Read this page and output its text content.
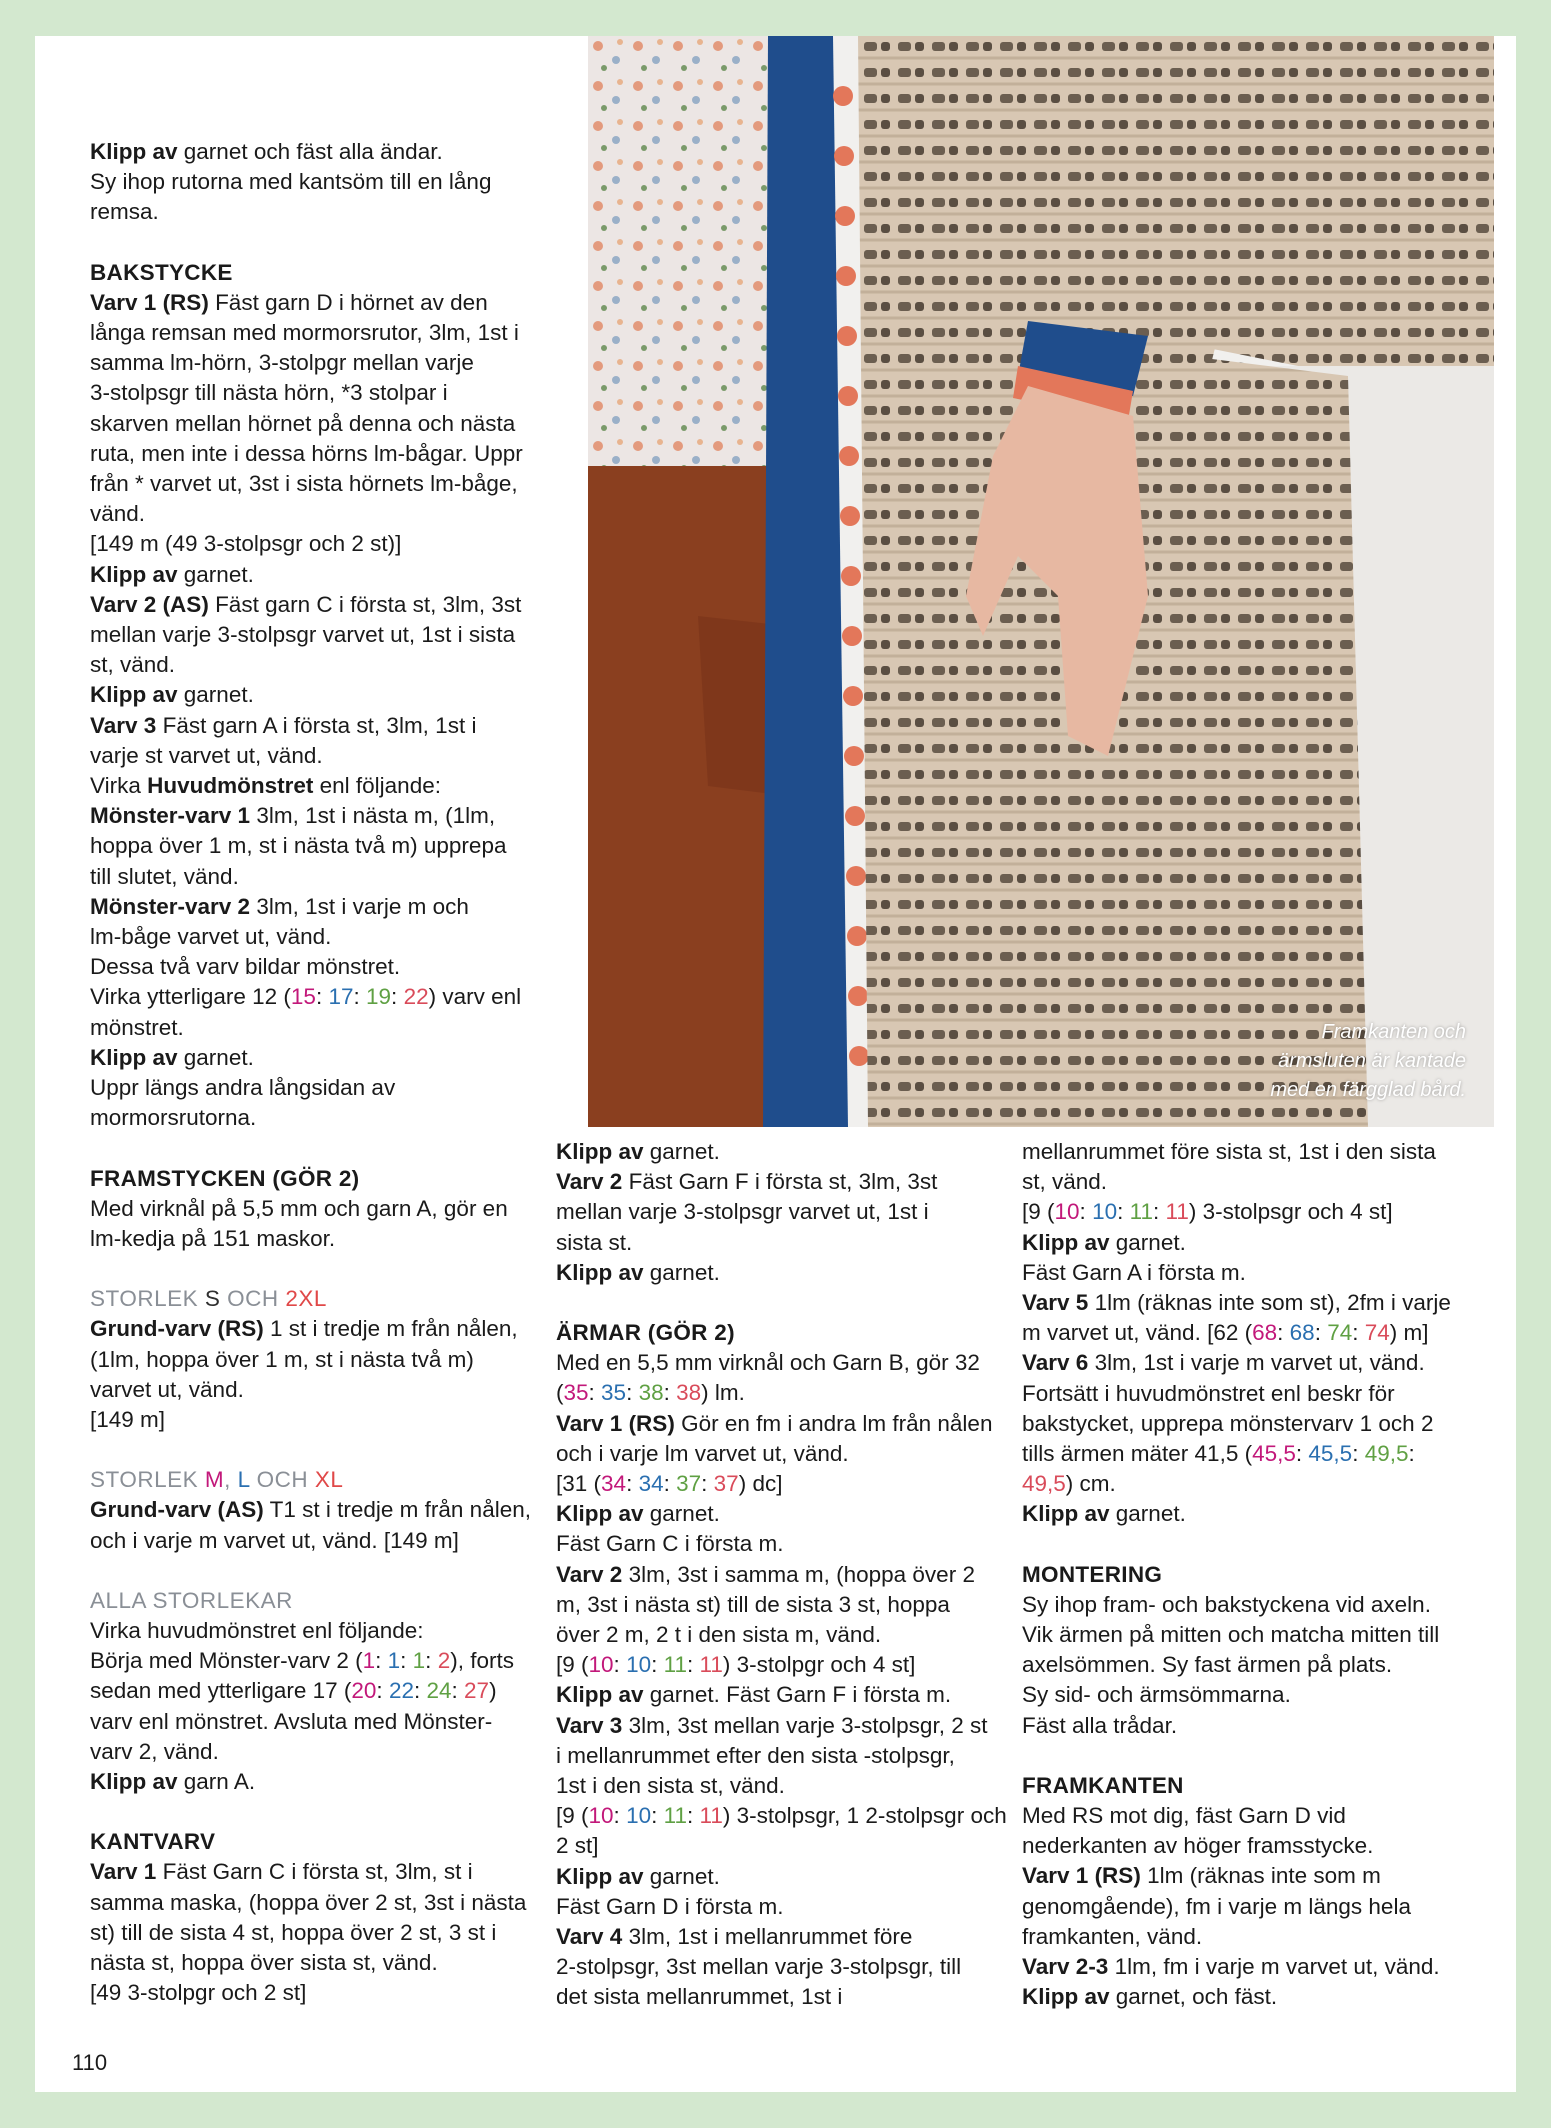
Framkanten och
ärmsluten är kantade
med en färgglad bård.

Klipp av garnet och fäst alla ändar.

Sy ihop rutorna med kantsöm till en lång

remsa.

BAKSTYCKE

Varv 1 (RS) Fäst garn D i hörnet av den

långa remsan med mormorsrutor, 3lm, 1st i

samma lm-hörn, 3-stolpgr mellan varje

3-stolpsgr till nästa hörn, *3 stolpar i

skarven mellan hörnet på denna och nästa

ruta, men inte i dessa hörns lm-bågar. Uppr

från * varvet ut, 3st i sista hörnets lm-båge,

vänd.

[149 m (49 3-stolpsgr och 2 st)]

Klipp av garnet.

Varv 2 (AS) Fäst garn C i första st, 3lm, 3st

mellan varje 3-stolpsgr varvet ut, 1st i sista

st, vänd.

Klipp av garnet.

Varv 3 Fäst garn A i första st, 3lm, 1st i

varje st varvet ut, vänd.

Virka Huvudmönstret enl följande:

Mönster-varv 1 3lm, 1st i nästa m, (1lm,

hoppa över 1 m, st i nästa två m) upprepa

till slutet, vänd.

Mönster-varv 2 3lm, 1st i varje m och

lm-båge varvet ut, vänd.

Dessa två varv bildar mönstret.

Virka ytterligare 12 (15: 17: 19: 22) varv enl

mönstret.

Klipp av garnet.

Uppr längs andra långsidan av

mormorsrutorna.

FRAMSTYCKEN (GÖR 2)

Med virknål på 5,5 mm och garn A, gör en

lm-kedja på 151 maskor.

STORLEK S OCH 2XL

Grund-varv (RS) 1 st i tredje m från nålen,

(1lm, hoppa över 1 m, st i nästa två m)

varvet ut, vänd.

[149 m]

STORLEK M, L OCH XL

Grund-varv (AS) T1 st i tredje m från nålen,

och i varje m varvet ut, vänd. [149 m]

ALLA STORLEKAR

Virka huvudmönstret enl följande:

Börja med Mönster-varv 2 (1: 1: 1: 2), forts

sedan med ytterligare 17 (20: 22: 24: 27)

varv enl mönstret. Avsluta med Mönster-

varv 2, vänd.

Klipp av garn A.

KANTVARV

Varv 1 Fäst Garn C i första st, 3lm, st i

samma maska, (hoppa över 2 st, 3st i nästa

st) till de sista 4 st, hoppa över 2 st, 3 st i

nästa st, hoppa över sista st, vänd.

[49 3-stolpgr och 2 st]

Klipp av garnet.

Varv 2 Fäst Garn F i första st, 3lm, 3st

mellan varje 3-stolpsgr varvet ut, 1st i

sista st.

Klipp av garnet.

ÄRMAR (GÖR 2)

Med en 5,5 mm virknål och Garn B, gör 32

(35: 35: 38: 38) lm.

Varv 1 (RS) Gör en fm i andra lm från nålen

och i varje lm varvet ut, vänd.

[31 (34: 34: 37: 37) dc]

Klipp av garnet.

Fäst Garn C i första m.

Varv 2 3lm, 3st i samma m, (hoppa över 2

m, 3st i nästa st) till de sista 3 st, hoppa

över 2 m, 2 t i den sista m, vänd.

[9 (10: 10: 11: 11) 3-stolpgr och 4 st]

Klipp av garnet. Fäst Garn F i första m.

Varv 3 3lm, 3st mellan varje 3-stolpsgr, 2 st

i mellanrummet efter den sista -stolpsgr,

1st i den sista st, vänd.

[9 (10: 10: 11: 11) 3-stolpsgr, 1 2-stolpsgr och

2 st]

Klipp av garnet.

Fäst Garn D i första m.

Varv 4 3lm, 1st i mellanrummet före

2-stolpsgr, 3st mellan varje 3-stolpsgr, till

det sista mellanrummet, 1st i

mellanrummet före sista st, 1st i den sista

st, vänd.

[9 (10: 10: 11: 11) 3-stolpsgr och 4 st]

Klipp av garnet.

Fäst Garn A i första m.

Varv 5 1lm (räknas inte som st), 2fm i varje

m varvet ut, vänd. [62 (68: 68: 74: 74) m]

Varv 6 3lm, 1st i varje m varvet ut, vänd.

Fortsätt i huvudmönstret enl beskr för

bakstycket, upprepa mönstervarv 1 och 2

tills ärmen mäter 41,5 (45,5: 45,5: 49,5:

49,5) cm.

Klipp av garnet.

MONTERING

Sy ihop fram- och bakstyckena vid axeln.

Vik ärmen på mitten och matcha mitten till

axelsömmen. Sy fast ärmen på plats.

Sy sid- och ärmsömmarna.

Fäst alla trådar.

FRAMKANTEN

Med RS mot dig, fäst Garn D vid

nederkanten av höger framsstycke.

Varv 1 (RS) 1lm (räknas inte som m

genomgående), fm i varje m längs hela

framkanten, vänd.

Varv 2-3 1lm, fm i varje m varvet ut, vänd.

Klipp av garnet, och fäst.

110
